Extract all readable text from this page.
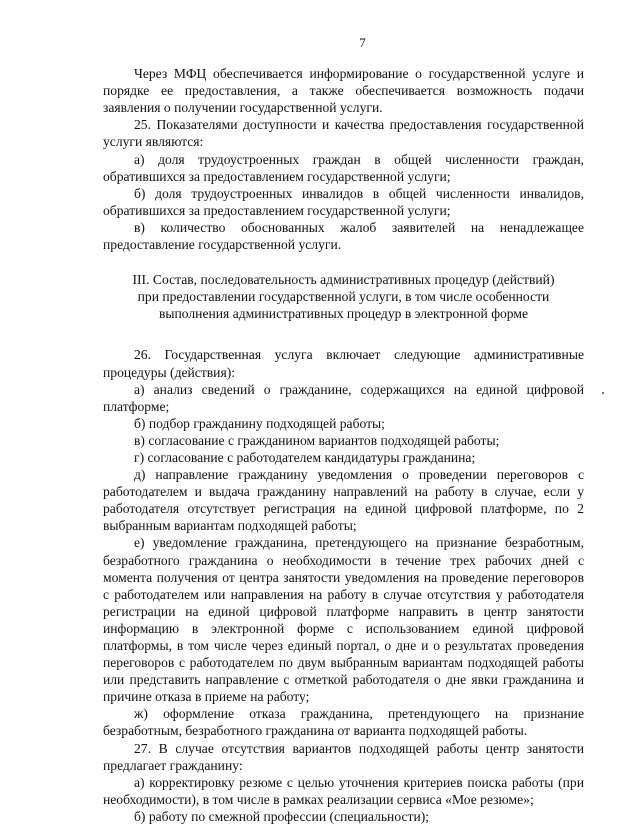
7

Через МФЦ обеспечивается информирование о государственной услуге и порядке ее предоставления, а также обеспечивается возможность подачи заявления о получении государственной услуги.

25. Показателями доступности и качества предоставления государственной услуги являются:

а) доля трудоустроенных граждан в общей численности граждан, обратившихся за предоставлением государственной услуги;

б) доля трудоустроенных инвалидов в общей численности инвалидов, обратившихся за предоставлением государственной услуги;

в) количество обоснованных жалоб заявителей на ненадлежащее предоставление государственной услуги.

III. Состав, последовательность административных процедур (действий)
при предоставлении государственной услуги, в том числе особенности
выполнения административных процедур в электронной форме

26. Государственная услуга включает следующие административные процедуры (действия):

а) анализ сведений о гражданине, содержащихся на единой цифровой платформе;

б) подбор гражданину подходящей работы;

в) согласование с гражданином вариантов подходящей работы;

г) согласование с работодателем кандидатуры гражданина;

д) направление гражданину уведомления о проведении переговоров с работодателем и выдача гражданину направлений на работу в случае, если у работодателя отсутствует регистрация на единой цифровой платформе, по 2 выбранным вариантам подходящей работы;

е) уведомление гражданина, претендующего на признание безработным, безработного гражданина о необходимости в течение трех рабочих дней с момента получения от центра занятости уведомления на проведение переговоров с работодателем или направления на работу в случае отсутствия у работодателя регистрации на единой цифровой платформе направить в центр занятости информацию в электронной форме с использованием единой цифровой платформы, в том числе через единый портал, о дне и о результатах проведения переговоров с работодателем по двум выбранным вариантам подходящей работы или представить направление с отметкой работодателя о дне явки гражданина и причине отказа в приеме на работу;

ж) оформление отказа гражданина, претендующего на признание безработным, безработного гражданина от варианта подходящей работы.

27. В случае отсутствия вариантов подходящей работы центр занятости предлагает гражданину:

а) корректировку резюме с целью уточнения критериев поиска работы (при необходимости), в том числе в рамках реализации сервиса «Мое резюме»;

б) работу по смежной профессии (специальности);
